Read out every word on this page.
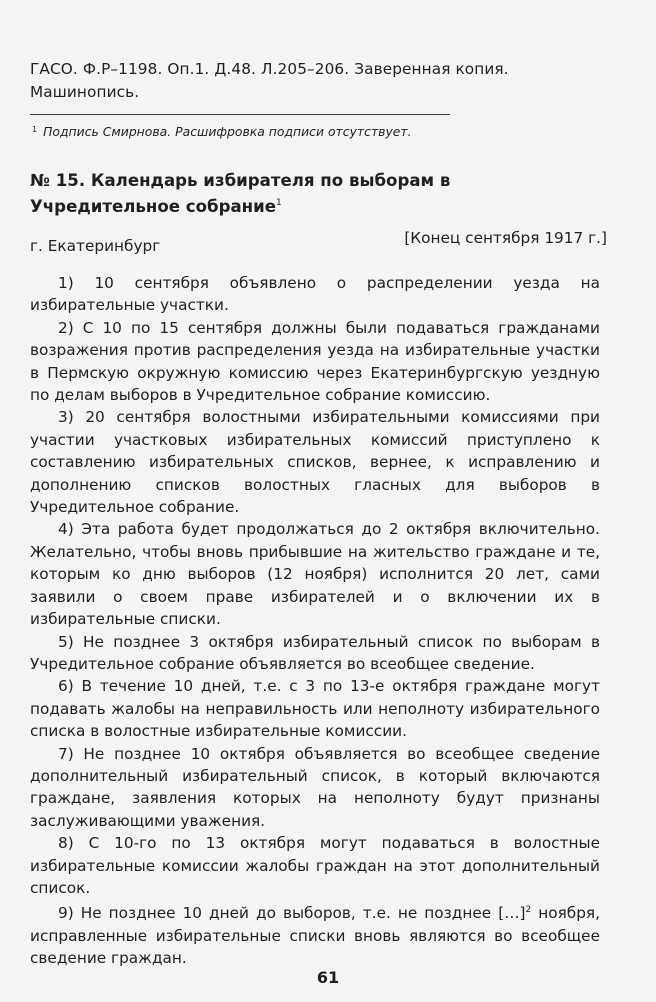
ГАСО. Ф.Р–1198. Оп.1. Д.48. Л.205–206. Заверенная копия. Машинопись.

$^1$ Подпись Смирнова. Расшифровка подписи отсутствует.

№ 15. Календарь избирателя по выборам в Учредительное собрание$^1$
г. Екатеринбург	[Конец сентября 1917 г.]

1) 10 сентября объявлено о распределении уезда на избирательные участки.

2) С 10 по 15 сентября должны были подаваться гражданами возражения против распределения уезда на избирательные участки в Пермскую окружную комиссию через Екатеринбургскую уездную по делам выборов в Учредительное собрание комиссию.

3) 20 сентября волостными избирательными комиссиями при участии участковых избирательных комиссий приступлено к составлению избирательных списков, вернее, к исправлению и дополнению списков волостных гласных для выборов в Учредительное собрание.

4) Эта работа будет продолжаться до 2 октября включительно. Желательно, чтобы вновь прибывшие на жительство граждане и те, которым ко дню выборов (12 ноября) исполнится 20 лет, сами заявили о своем праве избирателей и о включении их в избирательные списки.

5) Не позднее 3 октября избирательный список по выборам в Учредительное собрание объявляется во всеобщее сведение.

6) В течение 10 дней, т.е. с 3 по 13-е октября граждане могут подавать жалобы на неправильность или неполноту избирательного списка в волостные избирательные комиссии.

7) Не позднее 10 октября объявляется во всеобщее сведение дополнительный избирательный список, в который включаются граждане, заявления которых на неполноту будут признаны заслуживающими уважения.

8) С 10-го по 13 октября могут подаваться в волостные избирательные комиссии жалобы граждан на этот дополнительный список.

9) Не позднее 10 дней до выборов, т.е. не позднее […]$^2$ ноября, исправленные избирательные списки вновь являются во всеобщее сведение граждан.

61
